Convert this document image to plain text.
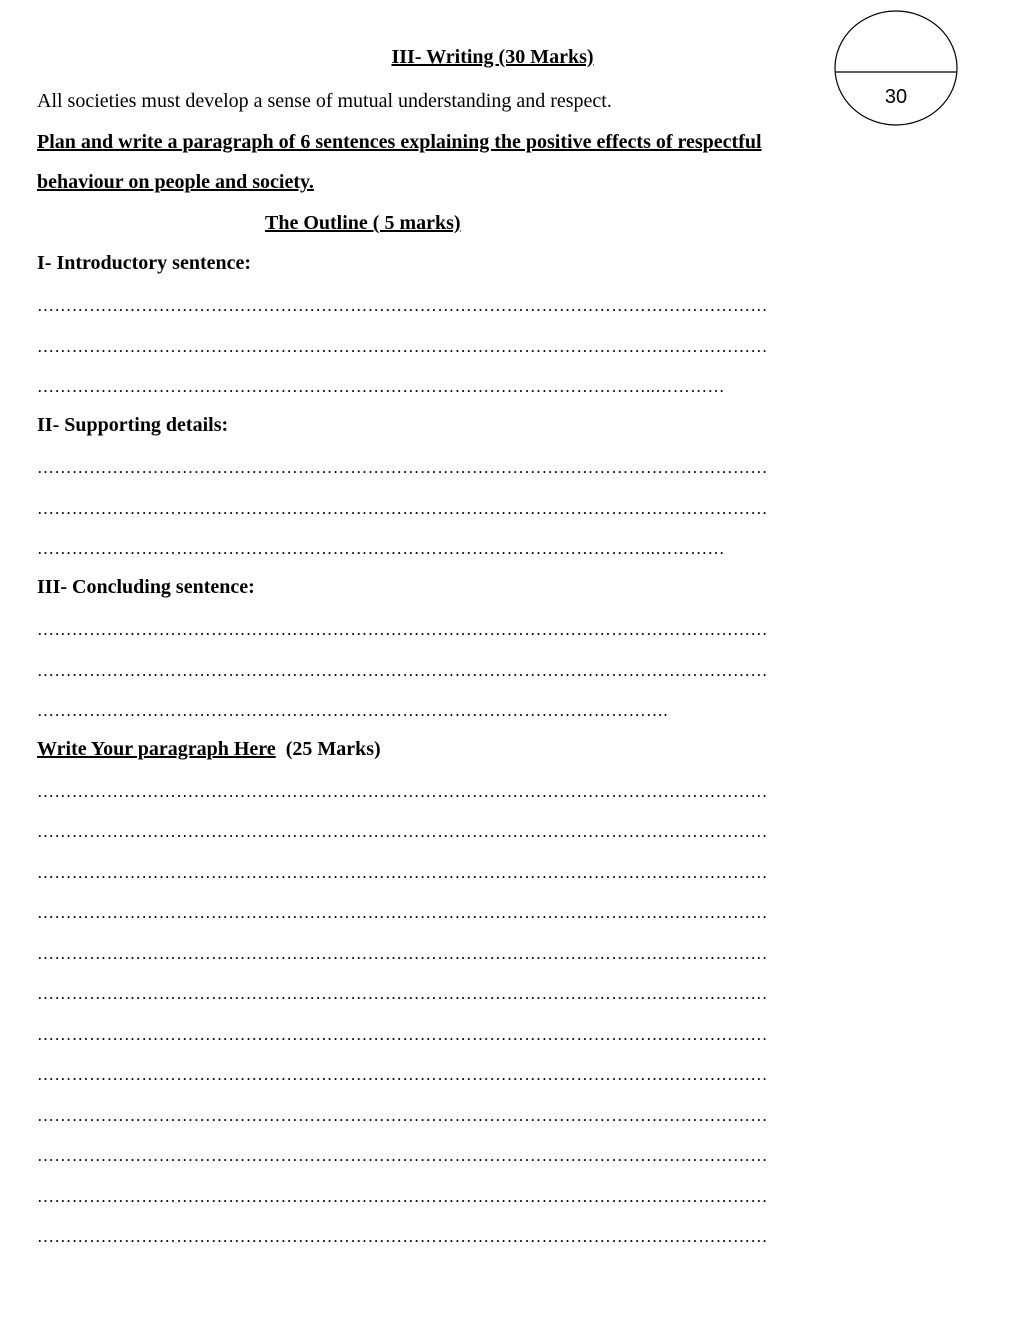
30
III- Writing (30 Marks)
All societies must develop a sense of mutual understanding and respect.
Plan and write a paragraph of 6 sentences explaining the positive effects of respectful
behaviour on people and society.
The Outline ( 5 marks)
I- Introductory sentence:
………………………………………………………………………………………………………………
………………………………………………………………………………………………………………
……………………………………………………………………………………………..…………
II- Supporting details:
………………………………………………………………………………………………………………
………………………………………………………………………………………………………………
……………………………………………………………………………………………..…………
III- Concluding sentence:
………………………………………………………………………………………………………………
………………………………………………………………………………………………………………
……………………………………………………………………………………………….
Write Your paragraph Here (25 Marks)
………………………………………………………………………………………………………………
………………………………………………………………………………………………………………
………………………………………………………………………………………………………………
………………………………………………………………………………………………………………
………………………………………………………………………………………………………………
………………………………………………………………………………………………………………
………………………………………………………………………………………………………………
………………………………………………………………………………………………………………
………………………………………………………………………………………………………………
………………………………………………………………………………………………………………
………………………………………………………………………………………………………………
………………………………………………………………………………………………………………
